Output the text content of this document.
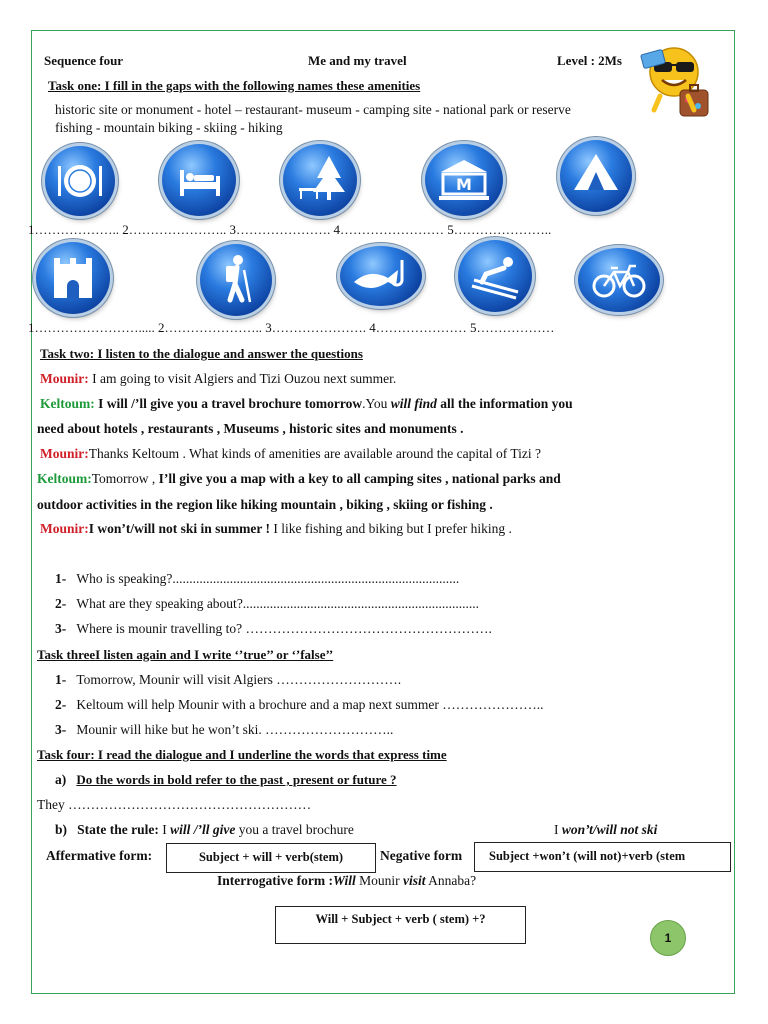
Sequence four	Me and my travel	Level : 2Ms
Task one: I fill in the gaps with the following names these amenities
historic site or monument - hotel – restaurant- museum - camping site - national park or reserve
fishing - mountain biking - skiing - hiking
M
1……………….. 2………………….. 3…………………. 4…………………… 5…………………..
1……………………..... 2………………….. 3…………………. 4………………… 5………………
Task two: I listen to the dialogue and answer the questions
Mounir: I am going to visit Algiers and Tizi Ouzou next summer.
Keltoum: I will /’ll give you a travel brochure tomorrow.You will find all the information you
need about hotels , restaurants , Museums , historic sites and monuments .
Mounir:Thanks Keltoum . What kinds of amenities are available around the capital of Tizi ?
Keltoum:Tomorrow , I’ll give you a map with a key to all camping sites , national parks and
outdoor activities in the region like hiking mountain , biking , skiing or fishing .
Mounir:I won’t/will not ski in summer ! I like fishing and biking but I prefer hiking .
1- Who is speaking?.....................................................................................
2- What are they speaking about?......................................................................
3- Where is mounir travelling to? ……………………………………………….
Task threeI listen again and I write ‘’true’’ or ‘’false’’
1- Tomorrow, Mounir will visit Algiers ……………………….
2- Keltoum will help Mounir with a brochure and a map next summer …………………..
3- Mounir will hike but he won’t ski. ………………………..
Task four: I read the dialogue and I underline the words that express time
a) Do the words in bold refer to the past , present or future ?
They ………………………………………………
b) State the rule: I will /’ll give you a travel brochure	I won’t/will not ski
Affermative form:	Subject + will + verb(stem)	Negative form	Subject +won’t (will not)+verb (stem
Interrogative form :Will Mounir visit Annaba?
Will + Subject + verb ( stem) +?
1
